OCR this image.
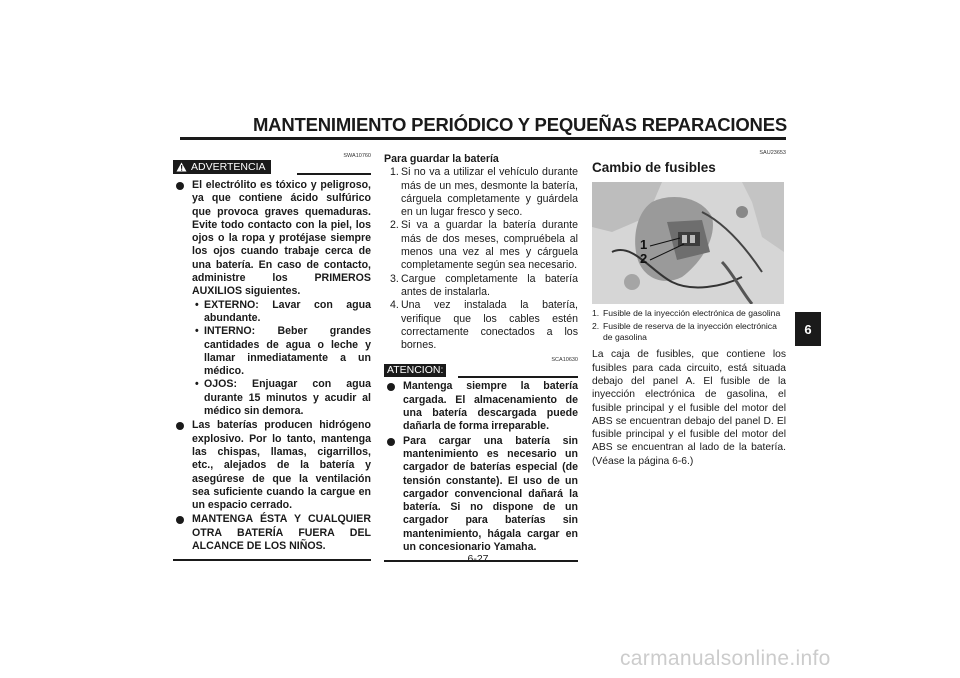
MANTENIMIENTO PERIÓDICO Y PEQUEÑAS REPARACIONES
SWA10760
ADVERTENCIA
El electrólito es tóxico y peligroso, ya que contiene ácido sulfúrico que provoca graves quemaduras. Evite todo contacto con la piel, los ojos o la ropa y protéjase siempre los ojos cuando trabaje cerca de una batería. En caso de contacto, administre los PRIMEROS AUXILIOS siguientes.
• EXTERNO: Lavar con agua abundante.
• INTERNO: Beber grandes cantidades de agua o leche y llamar inmediatamente a un médico.
• OJOS: Enjuagar con agua durante 15 minutos y acudir al médico sin demora.
Las baterías producen hidrógeno explosivo. Por lo tanto, mantenga las chispas, llamas, cigarrillos, etc., alejados de la batería y asegúrese de que la ventilación sea suficiente cuando la cargue en un espacio cerrado.
MANTENGA ÉSTA Y CUALQUIER OTRA BATERÍA FUERA DEL ALCANCE DE LOS NIÑOS.
Para guardar la batería
1. Si no va a utilizar el vehículo durante más de un mes, desmonte la batería, cárguela completamente y guárdela en un lugar fresco y seco.
2. Si va a guardar la batería durante más de dos meses, compruébela al menos una vez al mes y cárguela completamente según sea necesario.
3. Cargue completamente la batería antes de instalarla.
4. Una vez instalada la batería, verifique que los cables estén correctamente conectados a los bornes.
SCA10630
ATENCION:
Mantenga siempre la batería cargada. El almacenamiento de una batería descargada puede dañarla de forma irreparable.
Para cargar una batería sin mantenimiento es necesario un cargador de baterías especial (de tensión constante). El uso de un cargador convencional dañará la batería. Si no dispone de un cargador para baterías sin mantenimiento, hágala cargar en un concesionario Yamaha.
SAU23653
Cambio de fusibles
1
2
1. Fusible de la inyección electrónica de gasolina
2. Fusible de reserva de la inyección electrónica de gasolina
La caja de fusibles, que contiene los fusibles para cada circuito, está situada debajo del panel A. El fusible de la inyección electrónica de gasolina, el fusible principal y el fusible del motor del ABS se encuentran debajo del panel D. El fusible principal y el fusible del motor del ABS se encuentran al lado de la batería. (Véase la página 6-6.)
6
6-27
carmanualsonline.info
